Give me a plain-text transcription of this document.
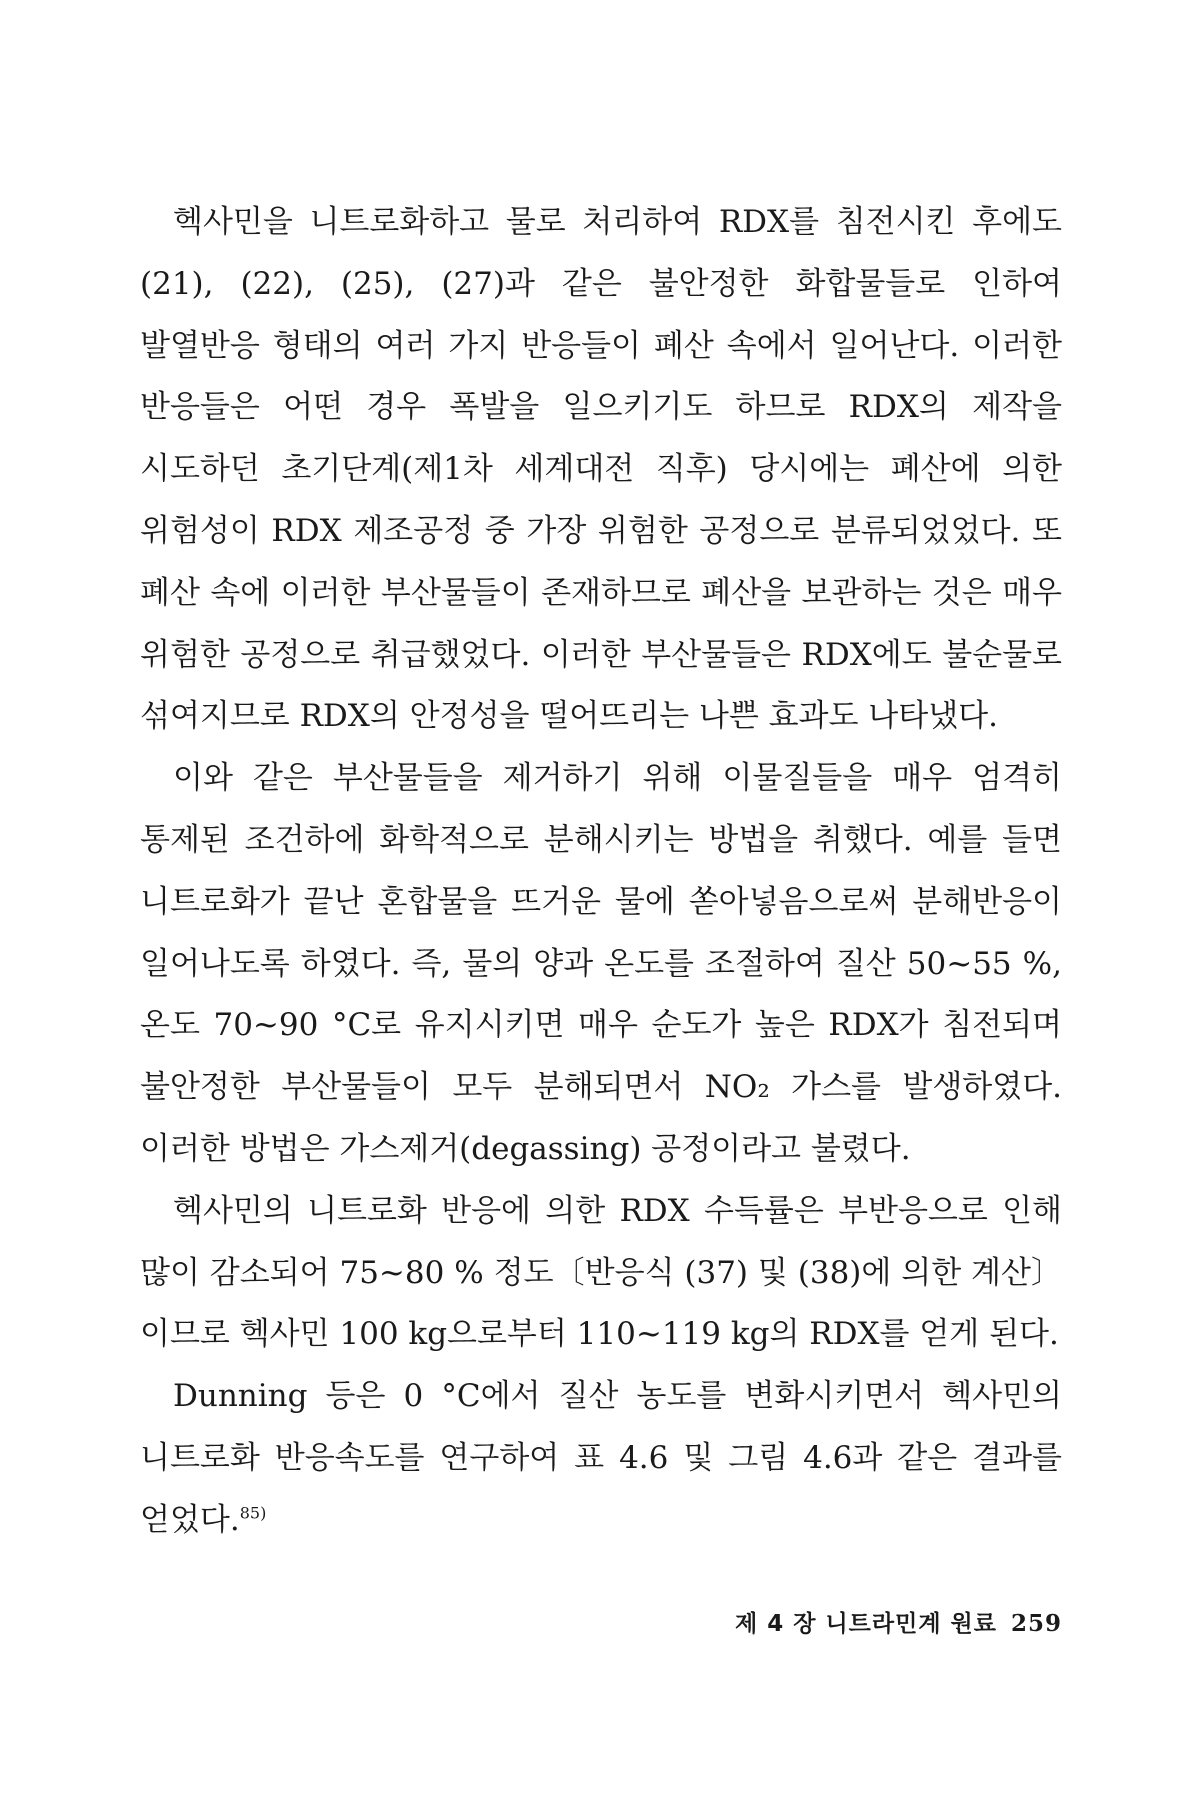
헥사민을 니트로화하고 물로 처리하여 RDX를 침전시킨 후에도 (21), (22), (25), (27)과 같은 불안정한 화합물들로 인하여 발열반응 형태의 여러 가지 반응들이 폐산 속에서 일어난다. 이러한 반응들은 어떤 경우 폭발을 일으키기도 하므로 RDX의 제작을 시도하던 초기단계(제1차 세계대전 직후) 당시에는 폐산에 의한 위험성이 RDX 제조공정 중 가장 위험한 공정으로 분류되었었다. 또 폐산 속에 이러한 부산물들이 존재하므로 폐산을 보관하는 것은 매우 위험한 공정으로 취급했었다. 이러한 부산물들은 RDX에도 불순물로 섞여지므로 RDX의 안정성을 떨어뜨리는 나쁜 효과도 나타냈다.

이와 같은 부산물들을 제거하기 위해 이물질들을 매우 엄격히 통제된 조건하에 화학적으로 분해시키는 방법을 취했다. 예를 들면 니트로화가 끝난 혼합물을 뜨거운 물에 쏟아넣음으로써 분해반응이 일어나도록 하였다. 즉, 물의 양과 온도를 조절하여 질산 50~55 %, 온도 70~90 °C로 유지시키면 매우 순도가 높은 RDX가 침전되며 불안정한 부산물들이 모두 분해되면서 NO₂ 가스를 발생하였다. 이러한 방법은 가스제거(degassing) 공정이라고 불렸다.

헥사민의 니트로화 반응에 의한 RDX 수득률은 부반응으로 인해 많이 감소되어 75~80 % 정도〔반응식 (37) 및 (38)에 의한 계산〕이므로 헥사민 100 kg으로부터 110~119 kg의 RDX를 얻게 된다.

Dunning 등은 0 °C에서 질산 농도를 변화시키면서 헥사민의 니트로화 반응속도를 연구하여 표 4.6 및 그림 4.6과 같은 결과를 얻었다.$^{85)}$

제 4 장 니트라민계 원료 259
